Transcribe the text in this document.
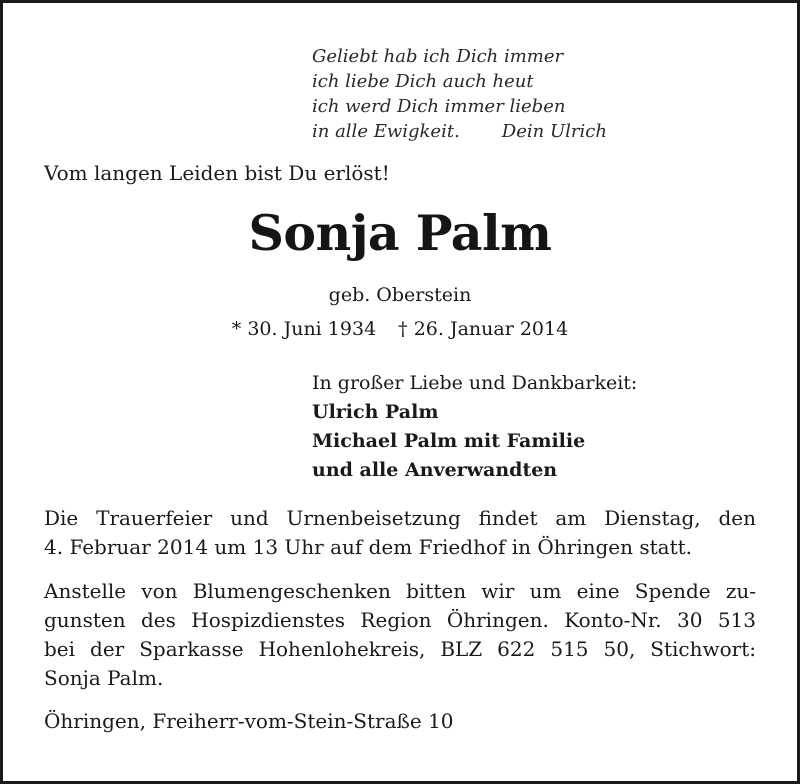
Geliebt hab ich Dich immer
ich liebe Dich auch heut
ich werd Dich immer lieben
in alle Ewigkeit. Dein Ulrich
Vom langen Leiden bist Du erlöst!
Sonja Palm
geb. Oberstein
* 30. Juni 1934 † 26. Januar 2014
In großer Liebe und Dankbarkeit:
Ulrich Palm
Michael Palm mit Familie
und alle Anverwandten
Die Trauerfeier und Urnenbeisetzung findet am Dienstag, den
4. Februar 2014 um 13 Uhr auf dem Friedhof in Öhringen statt.
Anstelle von Blumengeschenken bitten wir um eine Spende zu-
gunsten des Hospizdienstes Region Öhringen. Konto-Nr. 30 513
bei der Sparkasse Hohenlohekreis, BLZ 622 515 50, Stichwort:
Sonja Palm.
Öhringen, Freiherr-vom-Stein-Straße 10
